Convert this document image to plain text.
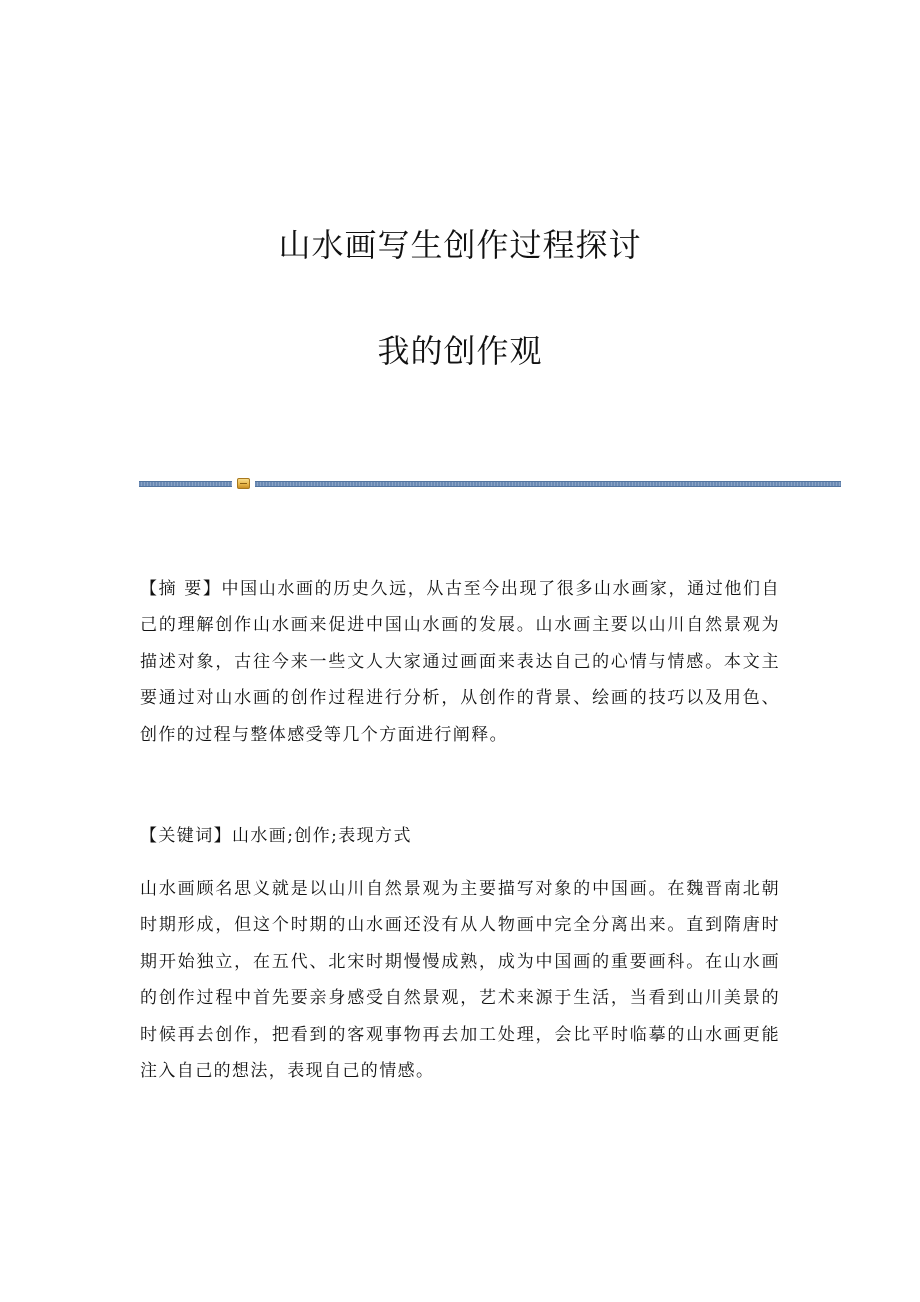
山水画写生创作过程探讨
我的创作观

【摘 要】中国山水画的历史久远，从古至今出现了很多山水画家，通过他们自己的理解创作山水画来促进中国山水画的发展。山水画主要以山川自然景观为描述对象，古往今来一些文人大家通过画面来表达自己的心情与情感。本文主要通过对山水画的创作过程进行分析，从创作的背景、绘画的技巧以及用色、创作的过程与整体感受等几个方面进行阐释。

【关键词】山水画;创作;表现方式

山水画顾名思义就是以山川自然景观为主要描写对象的中国画。在魏晋南北朝时期形成，但这个时期的山水画还没有从人物画中完全分离出来。直到隋唐时期开始独立，在五代、北宋时期慢慢成熟，成为中国画的重要画科。在山水画的创作过程中首先要亲身感受自然景观，艺术来源于生活，当看到山川美景的时候再去创作，把看到的客观事物再去加工处理，会比平时临摹的山水画更能注入自己的想法，表现自己的情感。
